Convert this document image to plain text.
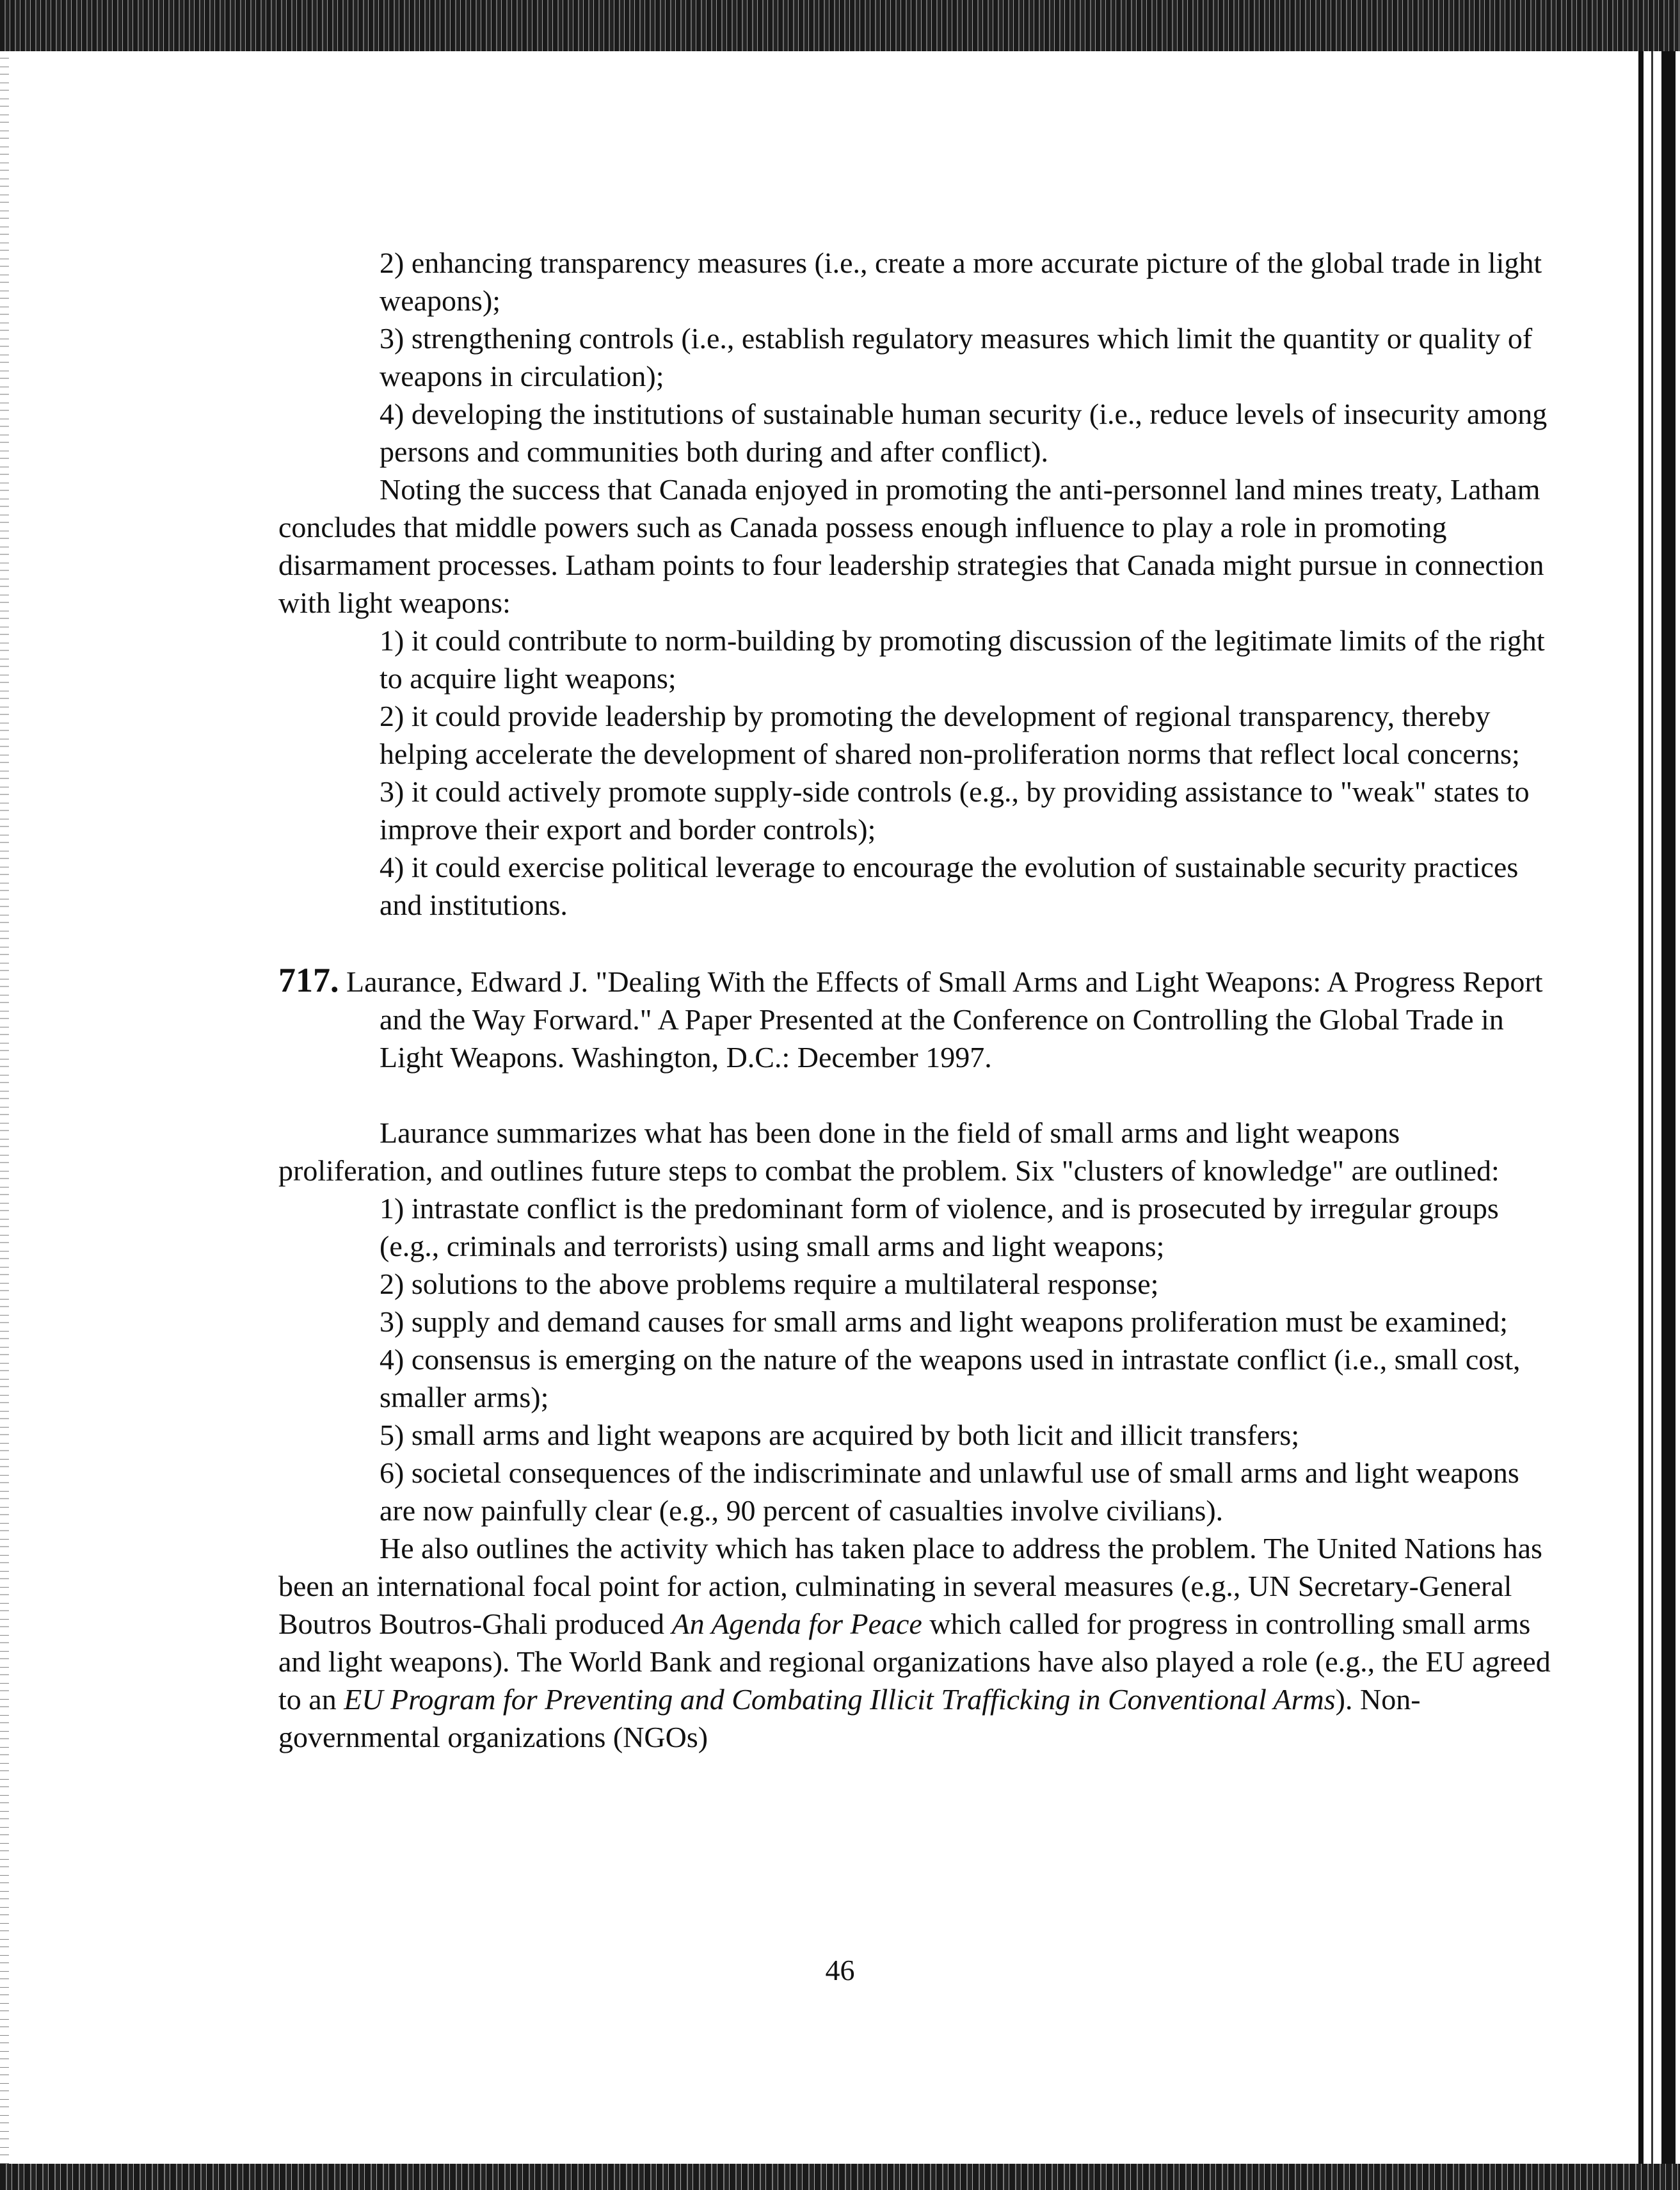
2) enhancing transparency measures (i.e., create a more accurate picture of the global trade in light weapons);

3) strengthening controls (i.e., establish regulatory measures which limit the quantity or quality of weapons in circulation);

4) developing the institutions of sustainable human security (i.e., reduce levels of insecurity among persons and communities both during and after conflict).

Noting the success that Canada enjoyed in promoting the anti-personnel land mines treaty, Latham concludes that middle powers such as Canada possess enough influence to play a role in promoting disarmament processes. Latham points to four leadership strategies that Canada might pursue in connection with light weapons:

1) it could contribute to norm-building by promoting discussion of the legitimate limits of the right to acquire light weapons;

2) it could provide leadership by promoting the development of regional transparency, thereby helping accelerate the development of shared non-proliferation norms that reflect local concerns;

3) it could actively promote supply-side controls (e.g., by providing assistance to "weak" states to improve their export and border controls);

4) it could exercise political leverage to encourage the evolution of sustainable security practices and institutions.

717. Laurance, Edward J. "Dealing With the Effects of Small Arms and Light Weapons: A Progress Report and the Way Forward." A Paper Presented at the Conference on Controlling the Global Trade in Light Weapons. Washington, D.C.: December 1997.

Laurance summarizes what has been done in the field of small arms and light weapons proliferation, and outlines future steps to combat the problem. Six "clusters of knowledge" are outlined:

1) intrastate conflict is the predominant form of violence, and is prosecuted by irregular groups (e.g., criminals and terrorists) using small arms and light weapons;

2) solutions to the above problems require a multilateral response;

3) supply and demand causes for small arms and light weapons proliferation must be examined;

4) consensus is emerging on the nature of the weapons used in intrastate conflict (i.e., small cost, smaller arms);

5) small arms and light weapons are acquired by both licit and illicit transfers;

6) societal consequences of the indiscriminate and unlawful use of small arms and light weapons are now painfully clear (e.g., 90 percent of casualties involve civilians).

He also outlines the activity which has taken place to address the problem. The United Nations has been an international focal point for action, culminating in several measures (e.g., UN Secretary-General Boutros Boutros-Ghali produced An Agenda for Peace which called for progress in controlling small arms and light weapons). The World Bank and regional organizations have also played a role (e.g., the EU agreed to an EU Program for Preventing and Combating Illicit Trafficking in Conventional Arms). Non-governmental organizations (NGOs)

46
